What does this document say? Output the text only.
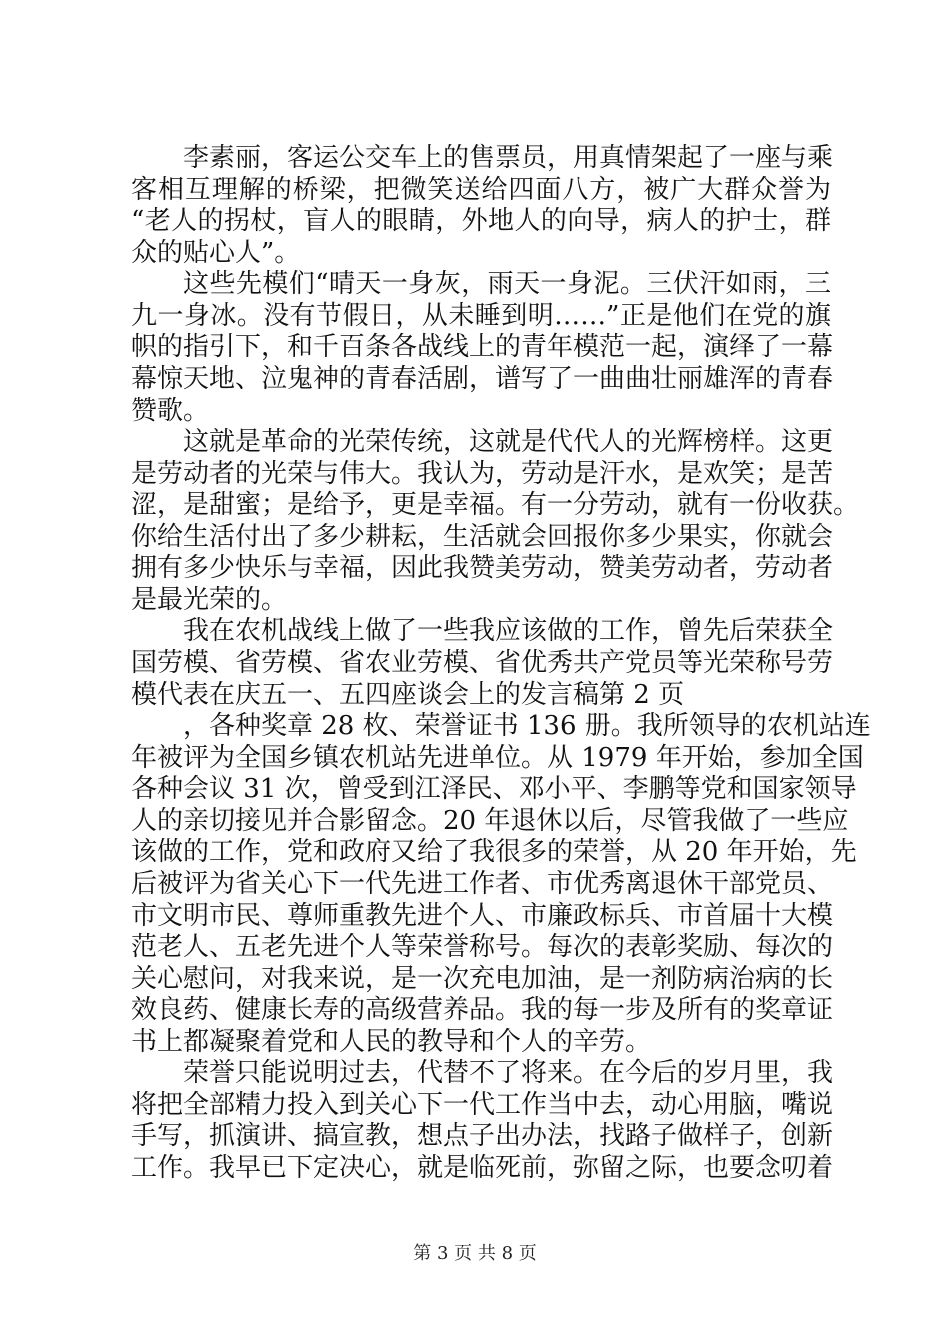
李素丽，客运公交车上的售票员，用真情架起了一座与乘
客相互理解的桥梁，把微笑送给四面八方，被广大群众誉为
“老人的拐杖，盲人的眼睛，外地人的向导，病人的护士，群
众的贴心人”。
这些先模们“晴天一身灰，雨天一身泥。三伏汗如雨，三
九一身冰。没有节假日，从未睡到明……”正是他们在党的旗
帜的指引下，和千百条各战线上的青年模范一起，演绎了一幕
幕惊天地、泣鬼神的青春活剧，谱写了一曲曲壮丽雄浑的青春
赞歌。
这就是革命的光荣传统，这就是代代人的光辉榜样。这更
是劳动者的光荣与伟大。我认为，劳动是汗水，是欢笑；是苦
涩，是甜蜜；是给予，更是幸福。有一分劳动，就有一份收获。
你给生活付出了多少耕耘，生活就会回报你多少果实，你就会
拥有多少快乐与幸福，因此我赞美劳动，赞美劳动者，劳动者
是最光荣的。
我在农机战线上做了一些我应该做的工作，曾先后荣获全
国劳模、省劳模、省农业劳模、省优秀共产党员等光荣称号劳
模代表在庆五一、五四座谈会上的发言稿第 2 页
，各种奖章 28 枚、荣誉证书 136 册。我所领导的农机站连
年被评为全国乡镇农机站先进单位。从 1979 年开始，参加全国
各种会议 31 次，曾受到江泽民、邓小平、李鹏等党和国家领导
人的亲切接见并合影留念。20 年退休以后，尽管我做了一些应
该做的工作，党和政府又给了我很多的荣誉，从 20 年开始，先
后被评为省关心下一代先进工作者、市优秀离退休干部党员、
市文明市民、尊师重教先进个人、市廉政标兵、市首届十大模
范老人、五老先进个人等荣誉称号。每次的表彰奖励、每次的
关心慰问，对我来说，是一次充电加油，是一剂防病治病的长
效良药、健康长寿的高级营养品。我的每一步及所有的奖章证
书上都凝聚着党和人民的教导和个人的辛劳。
荣誉只能说明过去，代替不了将来。在今后的岁月里，我
将把全部精力投入到关心下一代工作当中去，动心用脑，嘴说
手写，抓演讲、搞宣教，想点子出办法，找路子做样子，创新
工作。我早已下定决心，就是临死前，弥留之际，也要念叨着
第 3 页 共 8 页
